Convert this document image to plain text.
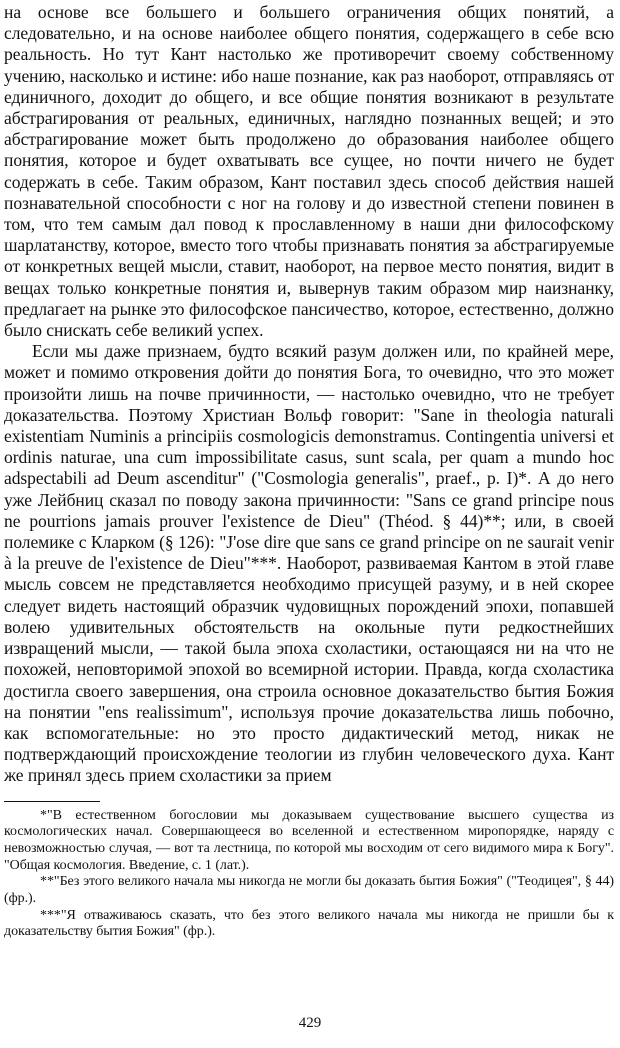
на основе все большего и большего ограничения общих понятий, а следовательно, и на основе наиболее общего понятия, содержащего в себе всю реальность. Но тут Кант настолько же противоречит своему собственному учению, насколько и истине: ибо наше познание, как раз наоборот, отправляясь от единичного, доходит до общего, и все общие понятия возникают в результате абстрагирования от реальных, единичных, наглядно познанных вещей; и это абстрагирование может быть продолжено до образования наиболее общего понятия, которое и будет охватывать все сущее, но почти ничего не будет содержать в себе. Таким образом, Кант поставил здесь способ действия нашей познавательной способности с ног на голову и до известной степени повинен в том, что тем самым дал повод к прославленному в наши дни философскому шарлатанству, которое, вместо того чтобы признавать понятия за абстрагируемые от конкретных вещей мысли, ставит, наоборот, на первое место понятия, видит в вещах только конкретные понятия и, вывернув таким образом мир наизнанку, предлагает на рынке это философское пансичество, которое, естественно, должно было снискать себе великий успех.

Если мы даже признаем, будто всякий разум должен или, по крайней мере, может и помимо откровения дойти до понятия Бога, то очевидно, что это может произойти лишь на почве причинности, — настолько очевидно, что не требует доказательства. Поэтому Христиан Вольф говорит: "Sane in theologia naturali existentiam Numinis a principiis cosmologicis demonstramus. Contingentia universi et ordinis naturae, una cum impossibilitate casus, sunt scala, per quam a mundo hoc adspectabili ad Deum ascenditur" ("Cosmologia generalis", praef., p. I)*. А до него уже Лейбниц сказал по поводу закона причинности: "Sans ce grand principe nous ne pourrions jamais prouver l'existence de Dieu" (Théod. § 44)**; или, в своей полемике с Кларком (§ 126): "J'ose dire que sans ce grand principe on ne saurait venir à la preuve de l'existence de Dieu"***. Наоборот, развиваемая Кантом в этой главе мысль совсем не представляется необходимо присущей разуму, и в ней скорее следует видеть настоящий образчик чудовищных порождений эпохи, попавшей волею удивительных обстоятельств на окольные пути редкостнейших извращений мысли, — такой была эпоха схоластики, остающаяся ни на что не похожей, неповторимой эпохой во всемирной истории. Правда, когда схоластика достигла своего завершения, она строила основное доказательство бытия Божия на понятии "ens realissimum", используя прочие доказательства лишь побочно, как вспомогательные: но это просто дидактический метод, никак не подтверждающий происхождение теологии из глубин человеческого духа. Кант же принял здесь прием схоластики за прием

*"В естественном богословии мы доказываем существование высшего существа из космологических начал. Совершающееся во вселенной и естественном миропорядке, наряду с невозможностью случая, — вот та лестница, по которой мы восходим от сего видимого мира к Богу". "Общая космология. Введение, с. 1 (лат.).

**"Без этого великого начала мы никогда не могли бы доказать бытия Божия" ("Теодицея", § 44) (фр.).

***"Я отваживаюсь сказать, что без этого великого начала мы никогда не пришли бы к доказательству бытия Божия" (фр.).

429
